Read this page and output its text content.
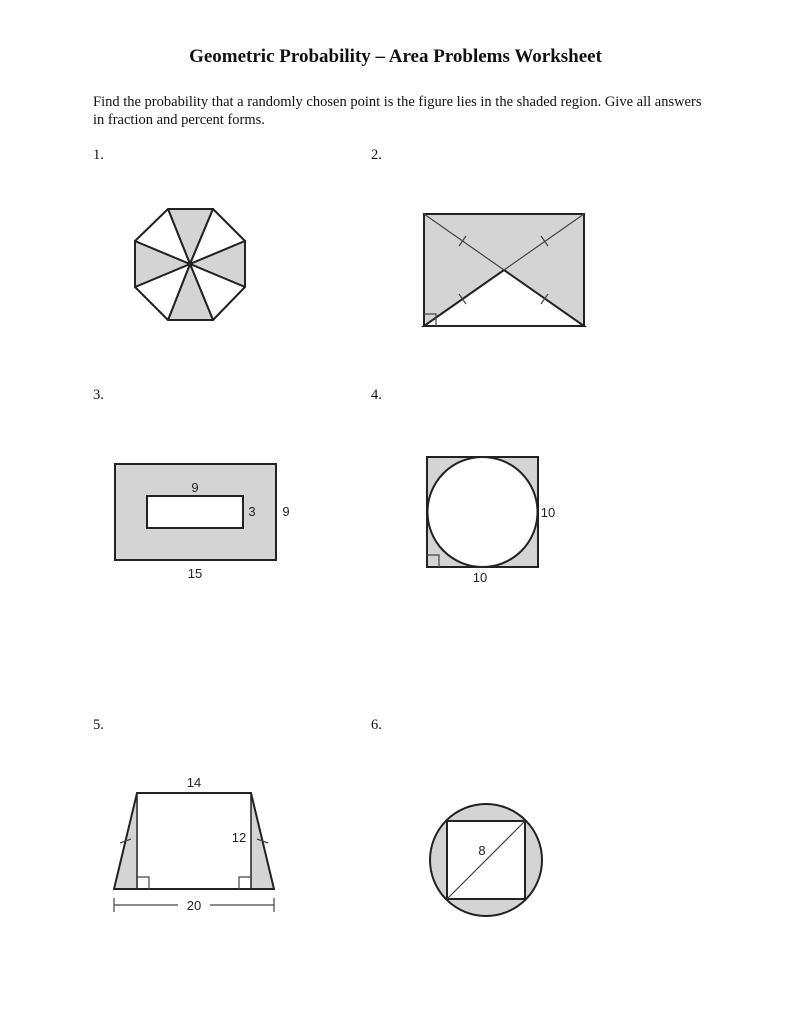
Geometric Probability – Area Problems Worksheet
Find the probability that a randomly chosen point is the figure lies in the shaded region. Give all answers in fraction and percent forms.
1.	2.
3.	4.
5.	6.
9
3 9
15
10
10
14
12
20
8
